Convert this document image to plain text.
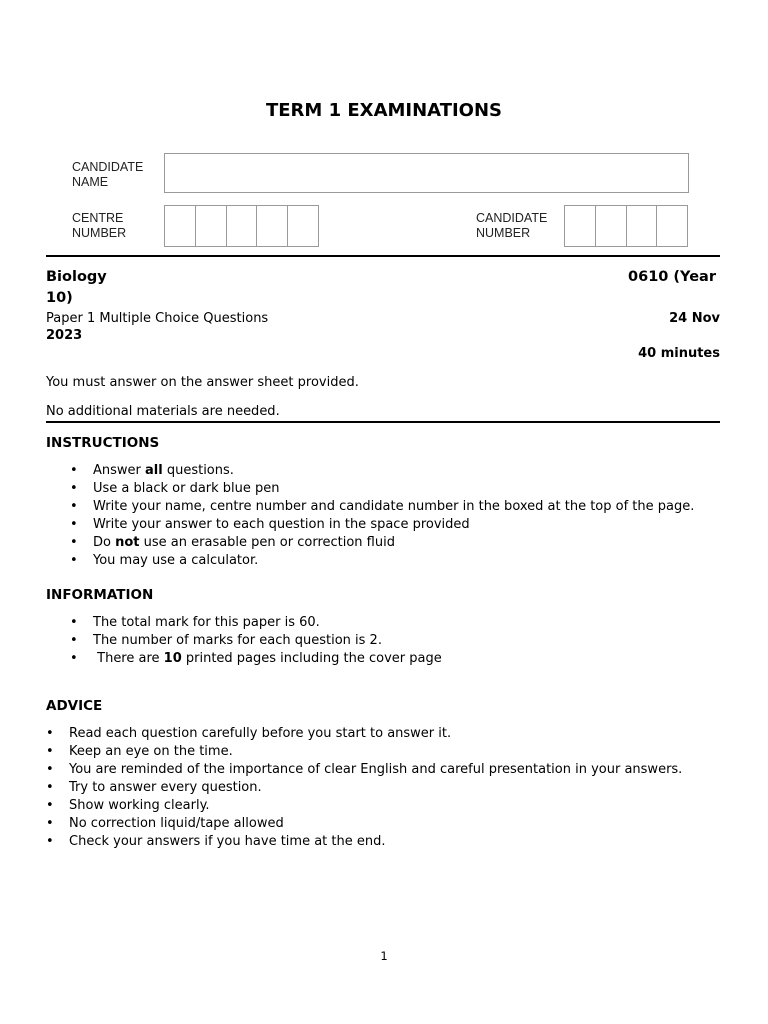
TERM 1 EXAMINATIONS
CANDIDATE
NAME
CENTRE
NUMBER
CANDIDATE
NUMBER
Biology	0610 (Year
10)
Paper 1 Multiple Choice Questions	24 Nov
2023
40 minutes
You must answer on the answer sheet provided.
No additional materials are needed.
INSTRUCTIONS
• Answer all questions.
• Use a black or dark blue pen
• Write your name, centre number and candidate number in the boxed at the top of the page.
• Write your answer to each question in the space provided
• Do not use an erasable pen or correction fluid
• You may use a calculator.
INFORMATION
• The total mark for this paper is 60.
• The number of marks for each question is 2.
•  There are 10 printed pages including the cover page
ADVICE
• Read each question carefully before you start to answer it.
• Keep an eye on the time.
• You are reminded of the importance of clear English and careful presentation in your answers.
• Try to answer every question.
• Show working clearly.
• No correction liquid/tape allowed
• Check your answers if you have time at the end.
1
